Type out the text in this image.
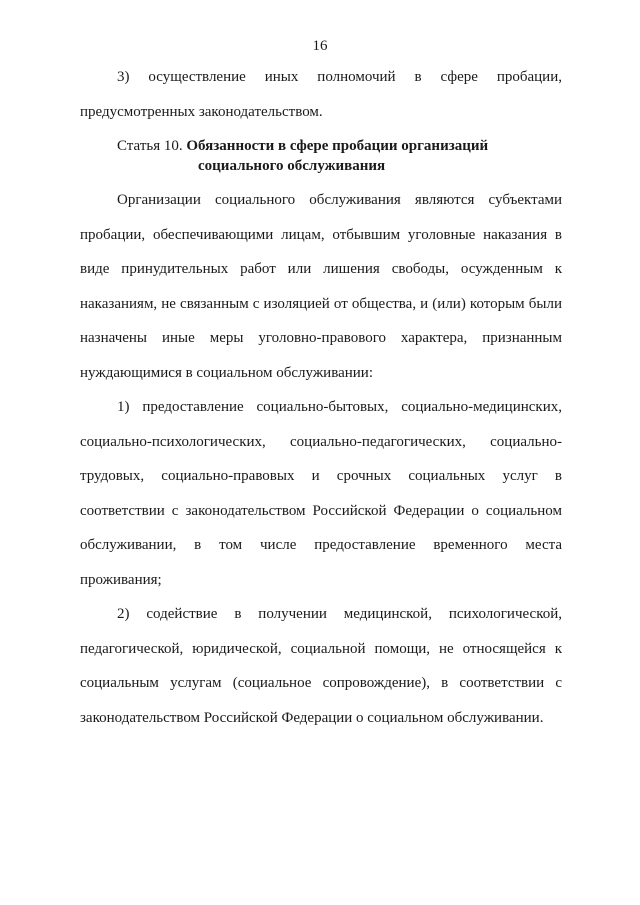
16

3) осуществление иных полномочий в сфере пробации, предусмотренных законодательством.

Статья 10. Обязанности в сфере пробации организаций социального обслуживания

Организации социального обслуживания являются субъектами пробации, обеспечивающими лицам, отбывшим уголовные наказания в виде принудительных работ или лишения свободы, осужденным к наказаниям, не связанным с изоляцией от общества, и (или) которым были назначены иные меры уголовно-правового характера, признанным нуждающимися в социальном обслуживании:

1) предоставление социально-бытовых, социально-медицинских, социально-психологических, социально-педагогических, социально-трудовых, социально-правовых и срочных социальных услуг в соответствии с законодательством Российской Федерации о социальном обслуживании, в том числе предоставление временного места проживания;

2) содействие в получении медицинской, психологической, педагогической, юридической, социальной помощи, не относящейся к социальным услугам (социальное сопровождение), в соответствии с законодательством Российской Федерации о социальном обслуживании.
